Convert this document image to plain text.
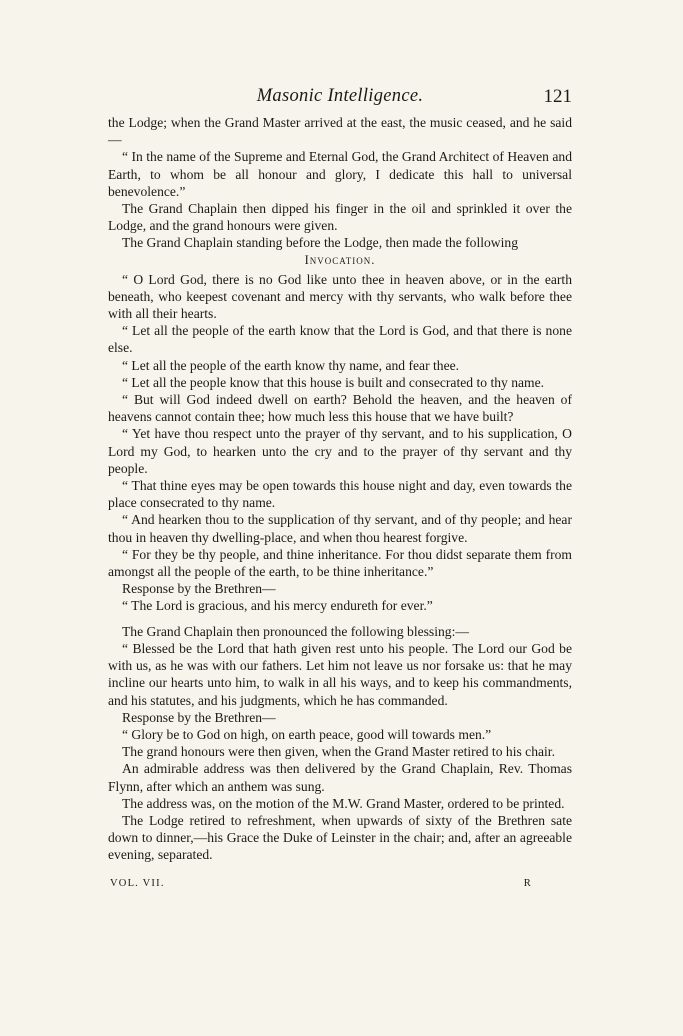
Masonic Intelligence.	121

the Lodge; when the Grand Master arrived at the east, the music ceased, and he said—

“ In the name of the Supreme and Eternal God, the Grand Architect of Heaven and Earth, to whom be all honour and glory, I dedicate this hall to universal benevolence.”

The Grand Chaplain then dipped his finger in the oil and sprinkled it over the Lodge, and the grand honours were given.

The Grand Chaplain standing before the Lodge, then made the following

Invocation.

“ O Lord God, there is no God like unto thee in heaven above, or in the earth beneath, who keepest covenant and mercy with thy servants, who walk before thee with all their hearts.

“ Let all the people of the earth know that the Lord is God, and that there is none else.

“ Let all the people of the earth know thy name, and fear thee.

“ Let all the people know that this house is built and consecrated to thy name.

“ But will God indeed dwell on earth? Behold the heaven, and the heaven of heavens cannot contain thee; how much less this house that we have built?

“ Yet have thou respect unto the prayer of thy servant, and to his supplication, O Lord my God, to hearken unto the cry and to the prayer of thy servant and thy people.

“ That thine eyes may be open towards this house night and day, even towards the place consecrated to thy name.

“ And hearken thou to the supplication of thy servant, and of thy people; and hear thou in heaven thy dwelling-place, and when thou hearest forgive.

“ For they be thy people, and thine inheritance. For thou didst separate them from amongst all the people of the earth, to be thine inheritance.”

Response by the Brethren—

“ The Lord is gracious, and his mercy endureth for ever.”

The Grand Chaplain then pronounced the following blessing:—

“ Blessed be the Lord that hath given rest unto his people. The Lord our God be with us, as he was with our fathers. Let him not leave us nor forsake us: that he may incline our hearts unto him, to walk in all his ways, and to keep his commandments, and his statutes, and his judgments, which he has commanded.

Response by the Brethren—

“ Glory be to God on high, on earth peace, good will towards men.”

The grand honours were then given, when the Grand Master retired to his chair.

An admirable address was then delivered by the Grand Chaplain, Rev. Thomas Flynn, after which an anthem was sung.

The address was, on the motion of the M.W. Grand Master, ordered to be printed.

The Lodge retired to refreshment, when upwards of sixty of the Brethren sate down to dinner,—his Grace the Duke of Leinster in the chair; and, after an agreeable evening, separated.

VOL. VII.	R
